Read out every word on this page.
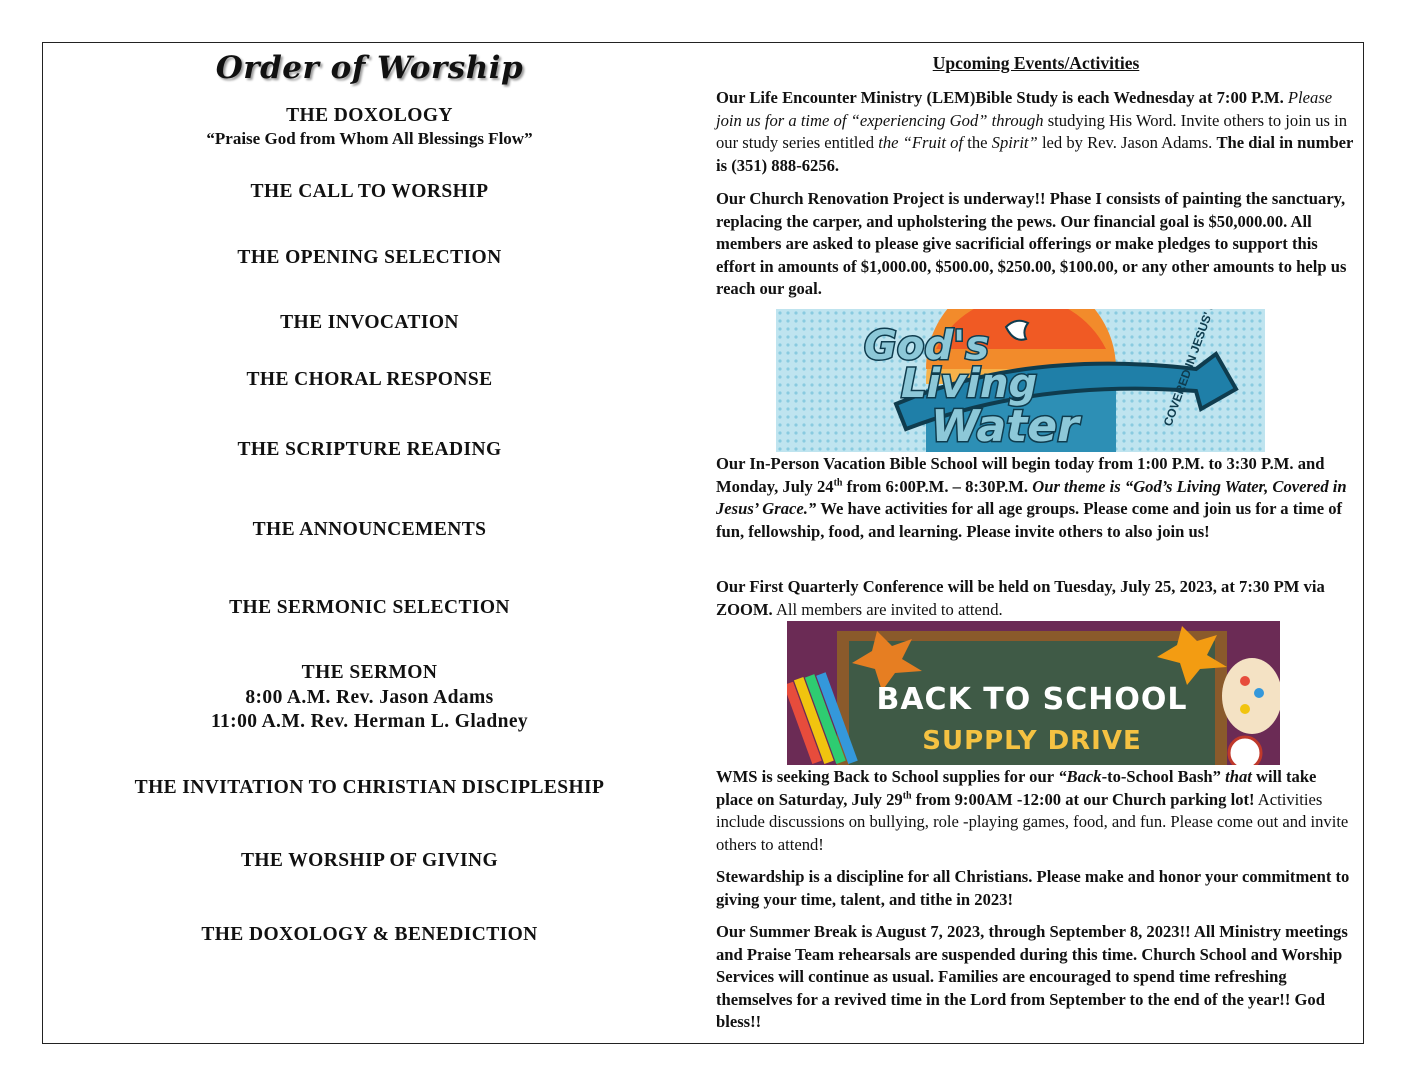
Order of Worship
THE DOXOLOGY
“Praise God from Whom All Blessings Flow”
THE CALL TO WORSHIP
THE OPENING SELECTION
THE INVOCATION
THE CHORAL RESPONSE
THE SCRIPTURE READING
THE ANNOUNCEMENTS
THE SERMONIC SELECTION
THE SERMON
8:00 A.M. Rev. Jason Adams
11:00 A.M. Rev. Herman L. Gladney
THE INVITATION TO CHRISTIAN DISCIPLESHIP
THE WORSHIP OF GIVING
THE DOXOLOGY & BENEDICTION
Upcoming Events/Activities
Our Life Encounter Ministry (LEM)Bible Study is each Wednesday at 7:00 P.M. Please join us for a time of “experiencing God” through studying His Word. Invite others to join us in our study series entitled the “Fruit of the Spirit” led by Rev. Jason Adams. The dial in number is (351) 888-6256.
Our Church Renovation Project is underway!! Phase I consists of painting the sanctuary, replacing the carper, and upholstering the pews. Our financial goal is $50,000.00. All members are asked to please give sacrificial offerings or make pledges to support this effort in amounts of $1,000.00, $500.00, $250.00, $100.00, or any other amounts to help us reach our goal.
God's
Living
Water
Our In-Person Vacation Bible School will begin today from 1:00 P.M. to 3:30 P.M. and Monday, July 24th from 6:00P.M. – 8:30P.M. Our theme is “God’s Living Water, Covered in Jesus’ Grace.” We have activities for all age groups. Please come and join us for a time of fun, fellowship, food, and learning. Please invite others to also join us!
Our First Quarterly Conference will be held on Tuesday, July 25, 2023, at 7:30 PM via ZOOM. All members are invited to attend.
BACK TO SCHOOL
SUPPLY DRIVE
WMS is seeking Back to School supplies for our “Back-to-School Bash” that will take place on Saturday, July 29th from 9:00AM -12:00 at our Church parking lot! Activities include discussions on bullying, role -playing games, food, and fun. Please come out and invite others to attend!
Stewardship is a discipline for all Christians. Please make and honor your commitment to giving your time, talent, and tithe in 2023!
Our Summer Break is August 7, 2023, through September 8, 2023!! All Ministry meetings and Praise Team rehearsals are suspended during this time. Church School and Worship Services will continue as usual. Families are encouraged to spend time refreshing themselves for a revived time in the Lord from September to the end of the year!! God bless!!
